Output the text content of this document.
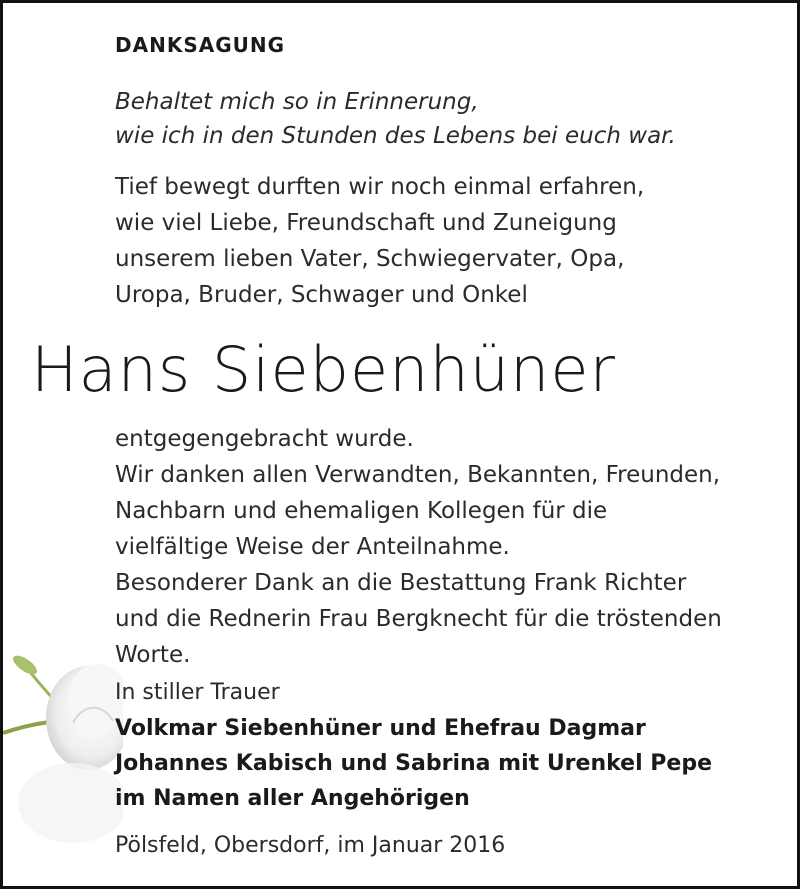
DANKSAGUNG
Behaltet mich so in Erinnerung,
wie ich in den Stunden des Lebens bei euch war.
Tief bewegt durften wir noch einmal erfahren,
wie viel Liebe, Freundschaft und Zuneigung
unserem lieben Vater, Schwiegervater, Opa,
Uropa, Bruder, Schwager und Onkel
Hans Siebenhüner
entgegengebracht wurde.
Wir danken allen Verwandten, Bekannten, Freunden,
Nachbarn und ehemaligen Kollegen für die
vielfältige Weise der Anteilnahme.
Besonderer Dank an die Bestattung Frank Richter
und die Rednerin Frau Bergknecht für die tröstenden
Worte.
In stiller Trauer
Volkmar Siebenhüner und Ehefrau Dagmar
Johannes Kabisch und Sabrina mit Urenkel Pepe
im Namen aller Angehörigen
Pölsfeld, Obersdorf, im Januar 2016
